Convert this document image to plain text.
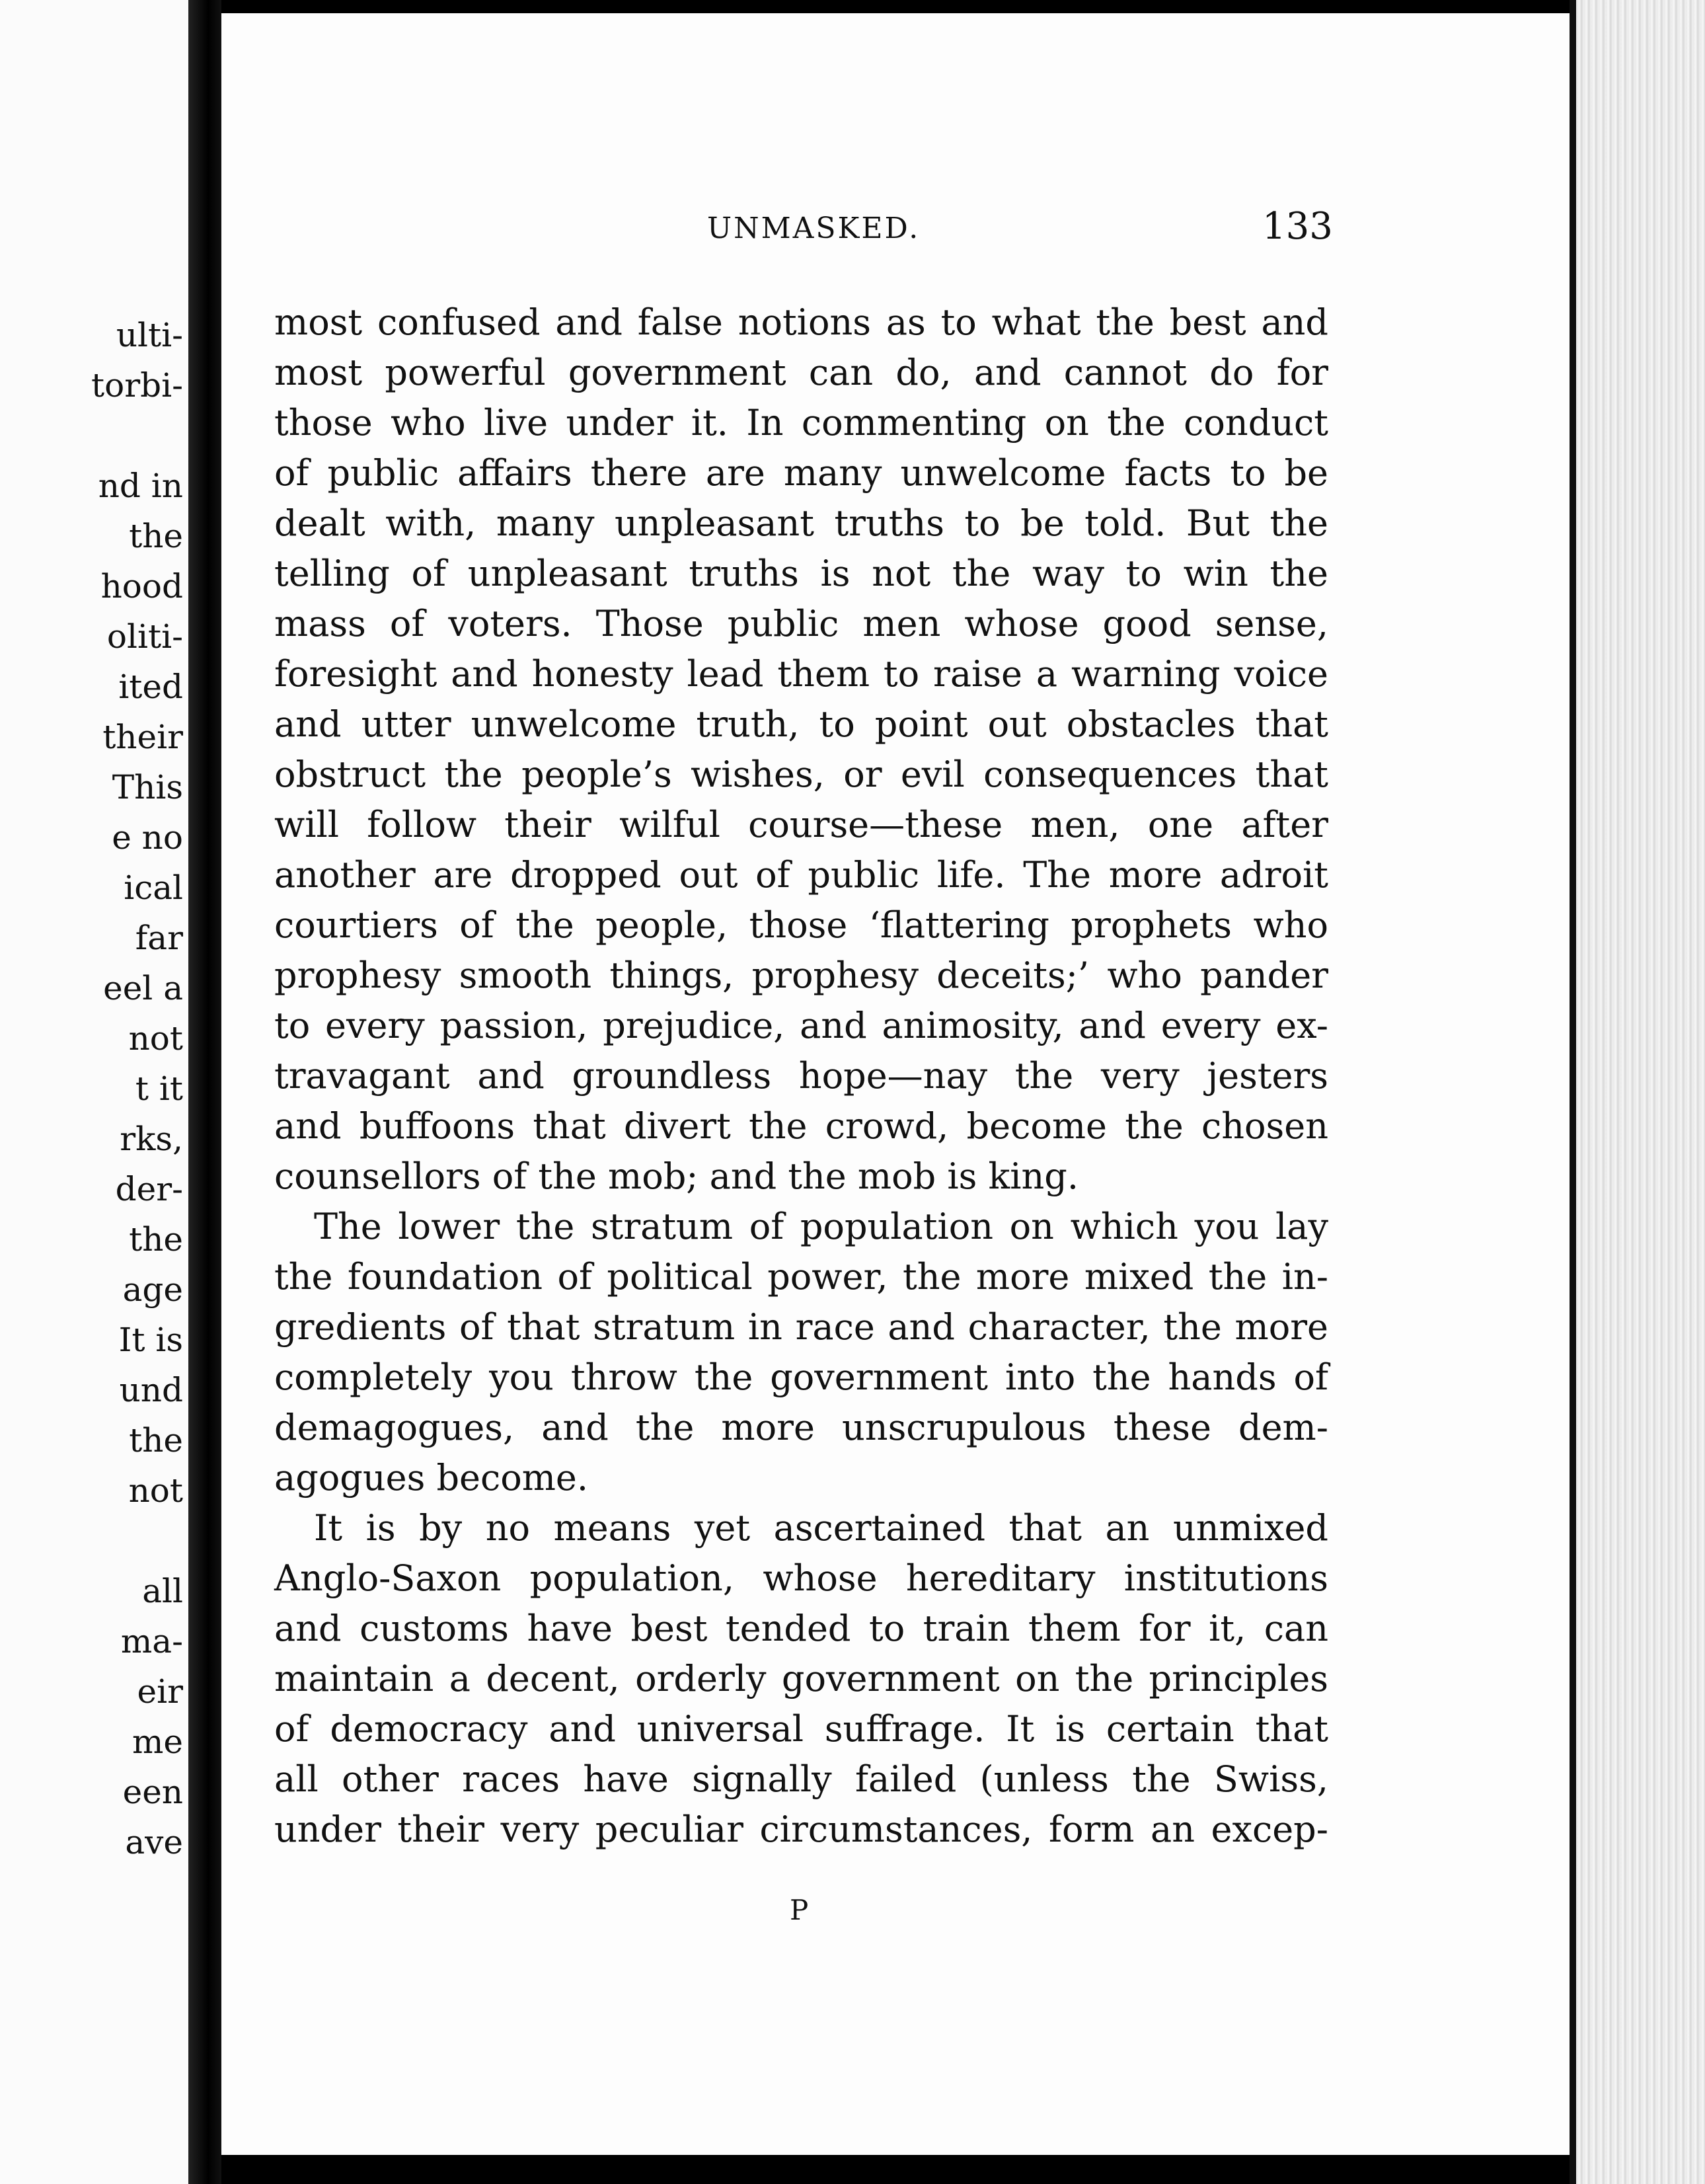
ulti-
torbi-
nd in
the
hood
oliti-
ited
their
This
e no
ical
far
eel a
not
t it
rks,
der-
the
age
It is
und
the
not
all
ma-
eir
me
een
ave
UNMASKED.	133
most confused and false notions as to what the best and
most powerful government can do, and cannot do for
those who live under it. In commenting on the conduct
of public affairs there are many unwelcome facts to be
dealt with, many unpleasant truths to be told. But the
telling of unpleasant truths is not the way to win the
mass of voters. Those public men whose good sense,
foresight and honesty lead them to raise a warning voice
and utter unwelcome truth, to point out obstacles that
obstruct the people’s wishes, or evil consequences that
will follow their wilful course—these men, one after
another are dropped out of public life. The more adroit
courtiers of the people, those ‘flattering prophets who
prophesy smooth things, prophesy deceits;’ who pander
to every passion, prejudice, and animosity, and every ex-
travagant and groundless hope—nay the very jesters
and buffoons that divert the crowd, become the chosen
counsellors of the mob; and the mob is king.
The lower the stratum of population on which you lay
the foundation of political power, the more mixed the in-
gredients of that stratum in race and character, the more
completely you throw the government into the hands of
demagogues, and the more unscrupulous these dem-
agogues become.
It is by no means yet ascertained that an unmixed
Anglo-Saxon population, whose hereditary institutions
and customs have best tended to train them for it, can
maintain a decent, orderly government on the principles
of democracy and universal suffrage. It is certain that
all other races have signally failed (unless the Swiss,
under their very peculiar circumstances, form an excep-
P
